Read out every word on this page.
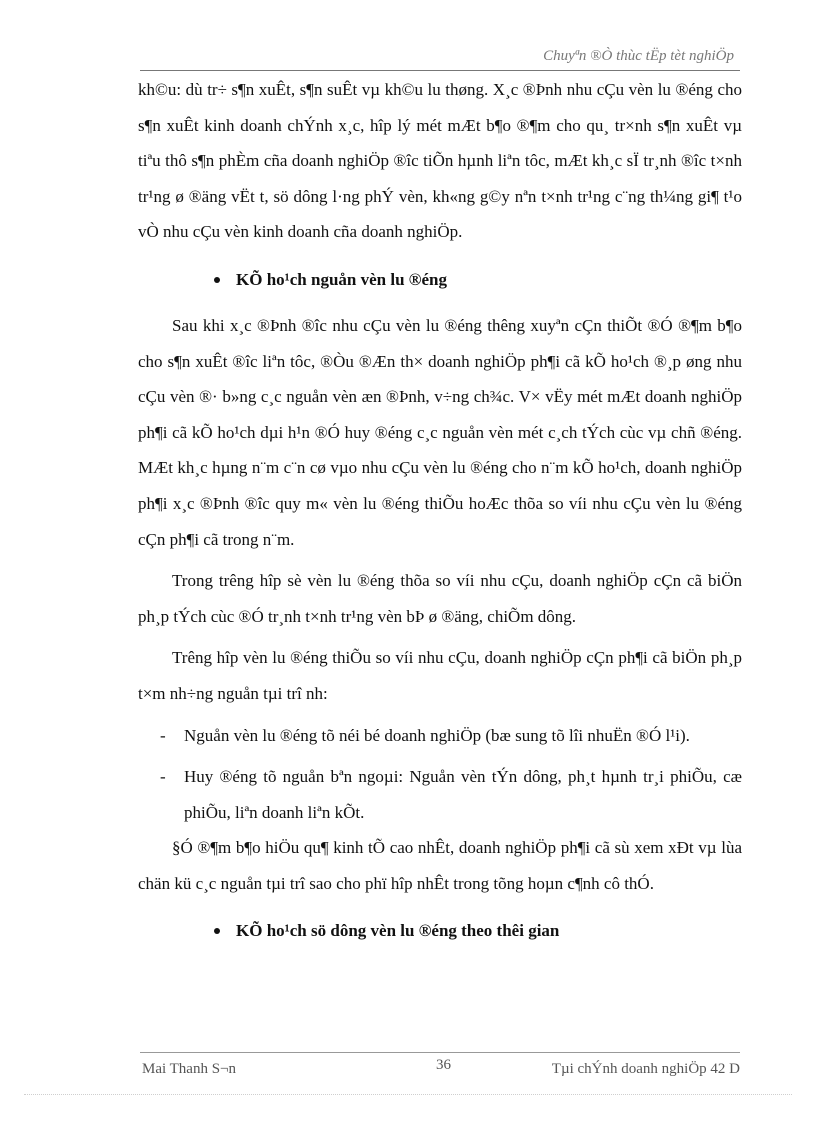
Chuyªn ®Ò thùc tËp tèt nghiÖp

kh©u: dù tr÷ s¶n xuÊt, s¶n suÊt vµ kh©u lu thøng. X¸c ®Þnh nhu cÇu vèn lu ®éng cho s¶n xuÊt kinh doanh chÝnh x¸c, hîp lý mét mÆt b¶o ®¶m cho qu¸ tr×nh s¶n xuÊt vµ tiªu thô s¶n phÈm cña doanh nghiÖp ®îc tiÕn hµnh liªn tôc, mÆt kh¸c sÏ tr¸nh ®îc t×nh tr¹ng ø ®äng vËt t, sö dông l·ng phÝ vèn, kh«ng g©y nªn t×nh tr¹ng c¨ng th¼ng gi¶ t¹o vÒ nhu cÇu vèn kinh doanh cña doanh nghiÖp.

KÕ ho¹ch nguån vèn lu ®éng

Sau khi x¸c ®Þnh ®îc nhu cÇu vèn lu ®éng thêng xuyªn cÇn thiÕt ®Ó ®¶m b¶o cho s¶n xuÊt ®îc liªn tôc, ®Òu ®Æn th× doanh nghiÖp ph¶i cã kÕ ho¹ch ®¸p øng nhu cÇu vèn ®· b»ng c¸c nguån vèn æn ®Þnh, v÷ng ch¾c. V× vËy mét mÆt doanh nghiÖp ph¶i cã kÕ ho¹ch dµi h¹n ®Ó huy ®éng c¸c nguån vèn mét c¸ch tÝch cùc vµ chñ ®éng. MÆt kh¸c hµng n¨m c¨n cø vµo nhu cÇu vèn lu ®éng cho n¨m kÕ ho¹ch, doanh nghiÖp ph¶i x¸c ®Þnh ®îc quy m« vèn lu ®éng thiÕu hoÆc thõa so víi nhu cÇu vèn lu ®éng cÇn ph¶i cã trong n¨m.

Trong trêng hîp sè vèn lu ®éng thõa so víi nhu cÇu, doanh nghiÖp cÇn cã biÖn ph¸p tÝch cùc ®Ó tr¸nh t×nh tr¹ng vèn bÞ ø ®äng, chiÕm dông.

Trêng hîp vèn lu ®éng thiÕu so víi nhu cÇu, doanh nghiÖp cÇn ph¶i cã biÖn ph¸p t×m nh÷ng nguån tµi trî nh:

- Nguån vèn lu ®éng tõ néi bé doanh nghiÖp (bæ sung tõ lîi nhuËn ®Ó l¹i).

- Huy ®éng tõ nguån bªn ngoµi: Nguån vèn tÝn dông, ph¸t hµnh tr¸i phiÕu, cæ phiÕu, liªn doanh liªn kÕt.

§Ó ®¶m b¶o hiÖu qu¶ kinh tÕ cao nhÊt, doanh nghiÖp ph¶i cã sù xem xÐt vµ lùa chän kü c¸c nguån tµi trî sao cho phï hîp nhÊt trong tõng hoµn c¶nh cô thÓ.

KÕ ho¹ch sö dông vèn lu ®éng theo thêi gian
Mai Thanh S¬n	36	Tµi chÝnh doanh nghiÖp 42 D
